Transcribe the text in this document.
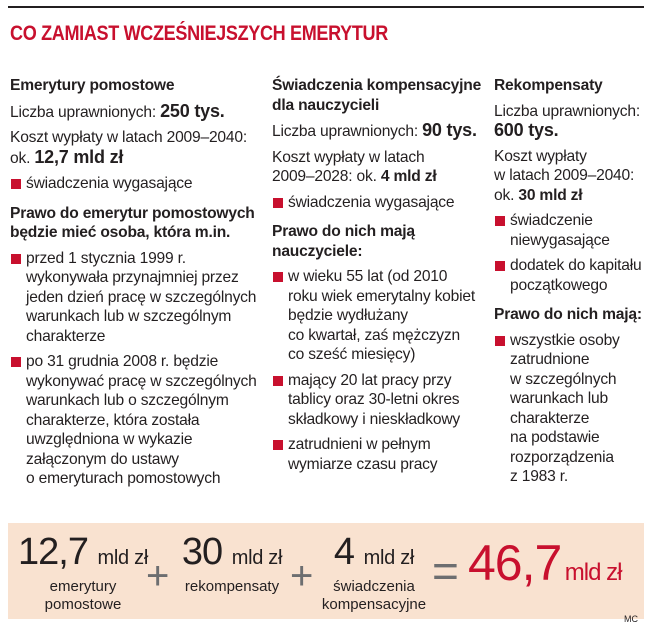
CO ZAMIAST WCZEŚNIEJSZYCH EMERYTUR

Emerytury pomostowe

Liczba uprawnionych: 250 tys.

Koszt wypłaty w latach 2009–2040:

ok. 12,7 mld zł

świadczenia wygasające

Prawo do emerytur pomostowych

będzie mieć osoba, która m.in.

przed 1 stycznia 1999 r.
wykonywała przynajmniej przez
jeden dzień pracę w szczególnych
warunkach lub w szczególnym
charakterze
po 31 grudnia 2008 r. będzie
wykonywać pracę w szczególnych
warunkach lub o szczególnym
charakterze, która została
uwzględniona w wykazie
załączonym do ustawy
o emeryturach pomostowych

Świadczenia kompensacyjne

dla nauczycieli

Liczba uprawnionych: 90 tys.

Koszt wypłaty w latach

2009–2028: ok. 4 mld zł

świadczenia wygasające

Prawo do nich mają

nauczyciele:

w wieku 55 lat (od 2010
roku wiek emerytalny kobiet
będzie wydłużany
co kwartał, zaś mężczyzn
co sześć miesięcy)
mający 20 lat pracy przy
tablicy oraz 30-letni okres
składkowy i nieskładkowy
zatrudnieni w pełnym
wymiarze czasu pracy

Rekompensaty

Liczba uprawnionych:

600 tys.

Koszt wypłaty

w latach 2009–2040:

ok. 30 mld zł

świadczenie
niewygasające
dodatek do kapitału
początkowego

Prawo do nich mają:

wszystkie osoby
zatrudnione
w szczególnych
warunkach lub
charakterze
na podstawie
rozporządzenia
z 1983 r.
12,7 mld zł
emerytury
pomostowe
+
30 mld zł
rekompensaty +
4 mld zł
świadczenia
kompensacyjne
= 46,7 mld zł
MC
